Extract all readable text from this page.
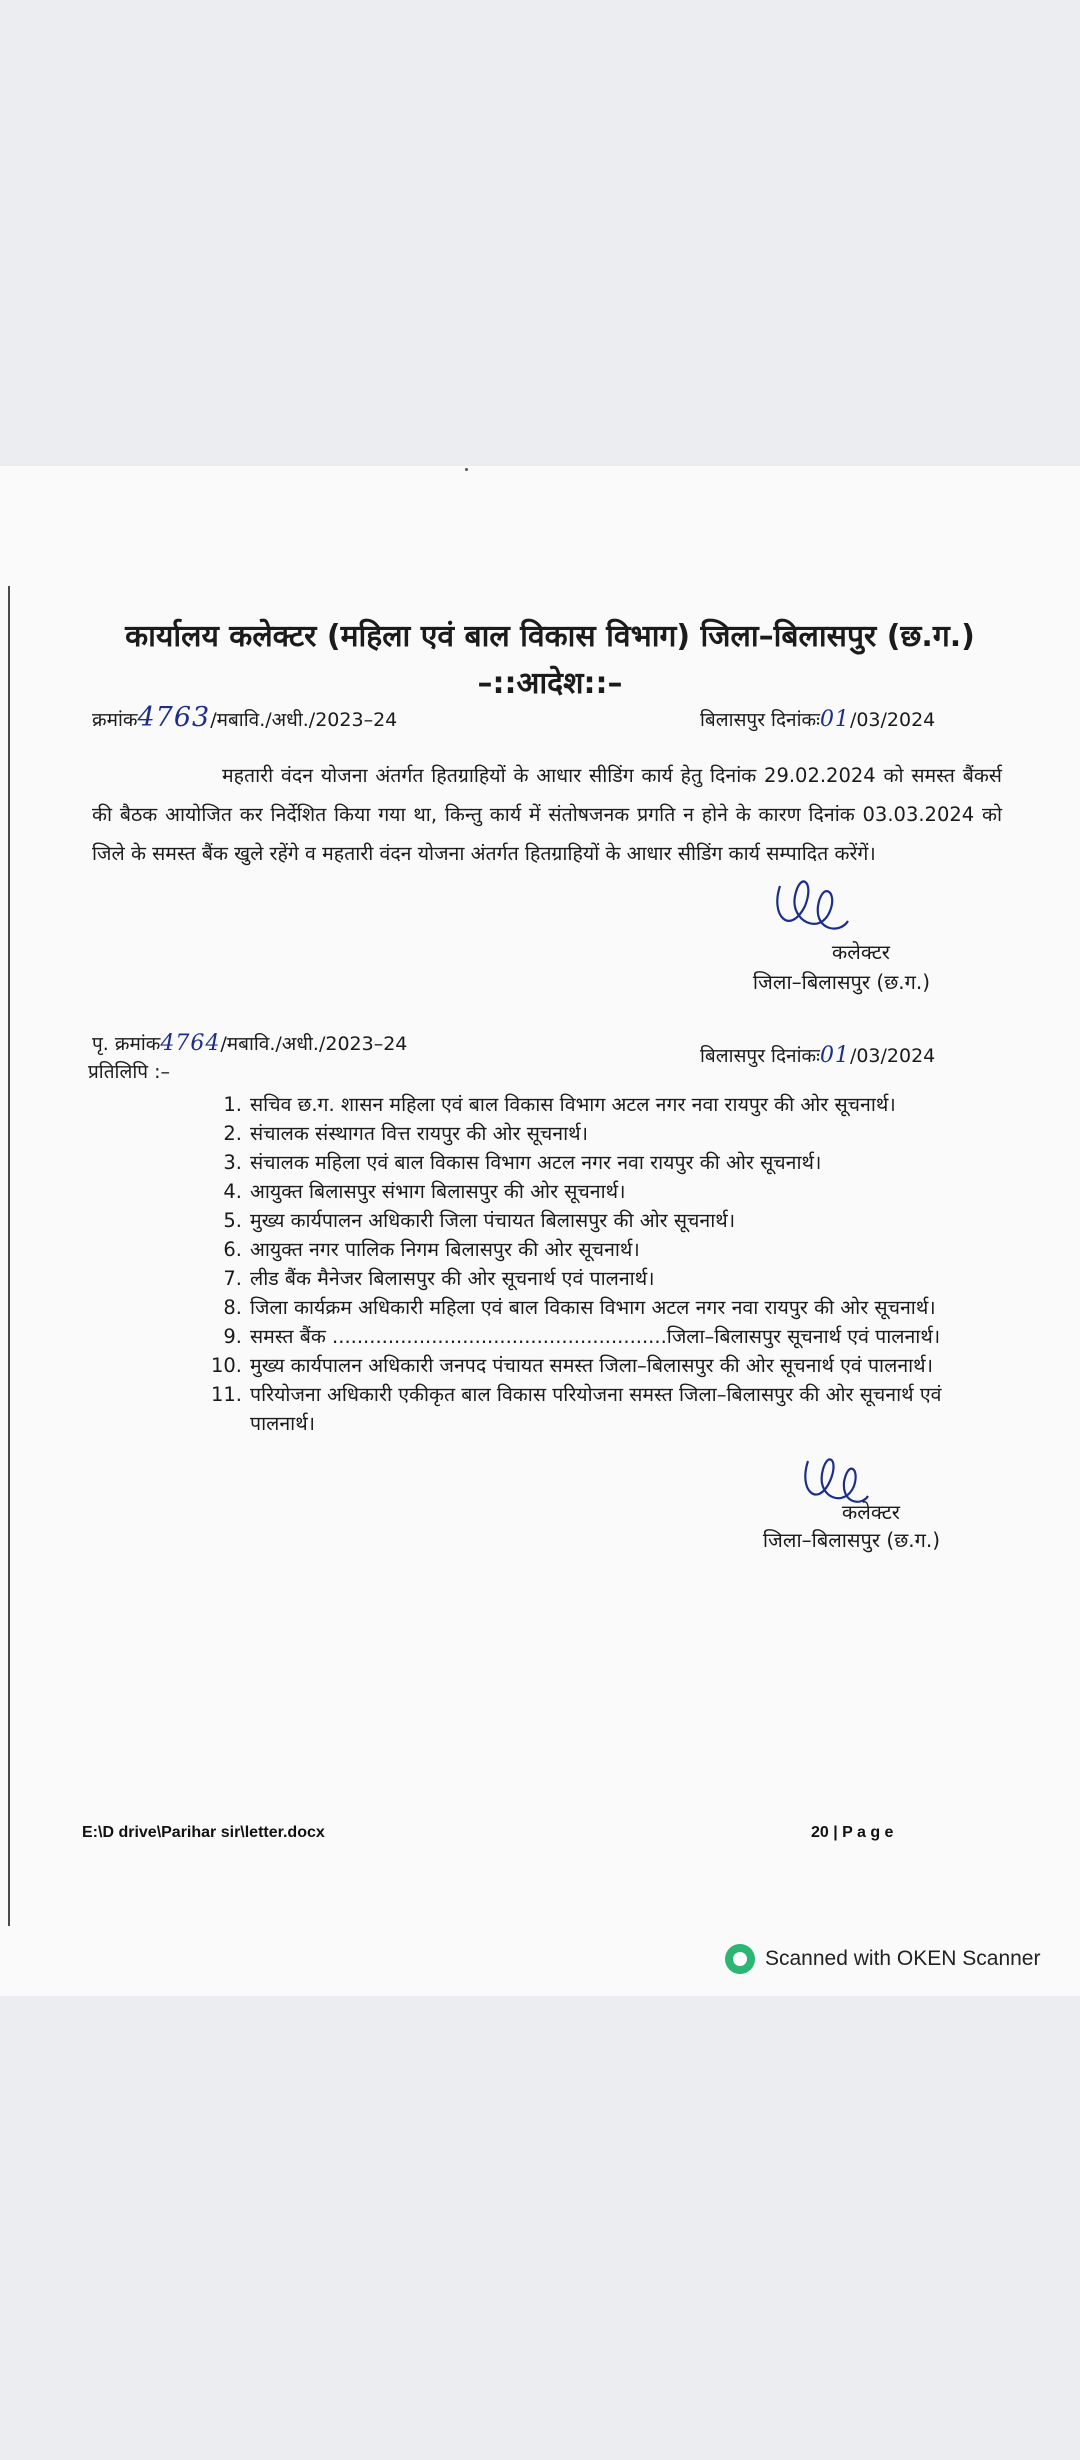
कार्यालय कलेक्टर (महिला एवं बाल विकास विभाग) जिला–बिलासपुर (छ.ग.)
–::आदेश::–
क्रमांक4763/मबावि./अधी./2023–24	बिलासपुर दिनांकः01/03/2024
महतारी वंदन योजना अंतर्गत हितग्राहियों के आधार सीडिंग कार्य हेतु दिनांक 29.02.2024 को समस्त बैंकर्स की बैठक आयोजित कर निर्देशित किया गया था, किन्तु कार्य में संतोषजनक प्रगति न होने के कारण दिनांक 03.03.2024 को जिले के समस्त बैंक खुले रहेंगे व महतारी वंदन योजना अंतर्गत हितग्राहियों के आधार सीडिंग कार्य सम्पादित करेंगें।
कलेक्टर
जिला–बिलासपुर (छ.ग.)
पृ. क्रमांक4764/मबावि./अधी./2023–24
बिलासपुर दिनांकः01/03/2024
प्रतिलिपि :–
1. सचिव छ.ग. शासन महिला एवं बाल विकास विभाग अटल नगर नवा रायपुर की ओर सूचनार्थ।
2. संचालक संस्थागत वित्त रायपुर की ओर सूचनार्थ।
3. संचालक महिला एवं बाल विकास विभाग अटल नगर नवा रायपुर की ओर सूचनार्थ।
4. आयुक्त बिलासपुर संभाग बिलासपुर की ओर सूचनार्थ।
5. मुख्य कार्यपालन अधिकारी जिला पंचायत बिलासपुर की ओर सूचनार्थ।
6. आयुक्त नगर पालिक निगम बिलासपुर की ओर सूचनार्थ।
7. लीड बैंक मैनेजर बिलासपुर की ओर सूचनार्थ एवं पालनार्थ।
8. जिला कार्यक्रम अधिकारी महिला एवं बाल विकास विभाग अटल नगर नवा रायपुर की ओर सूचनार्थ।
9. समस्त बैंक ......................................................जिला–बिलासपुर सूचनार्थ एवं पालनार्थ।
10. मुख्य कार्यपालन अधिकारी जनपद पंचायत समस्त जिला–बिलासपुर की ओर सूचनार्थ एवं पालनार्थ।
11. परियोजना अधिकारी एकीकृत बाल विकास परियोजना समस्त जिला–बिलासपुर की ओर सूचनार्थ एवं पालनार्थ।
कलेक्टर
जिला–बिलासपुर (छ.ग.)
E:\D drive\Parihar sir\letter.docx	20 | P a g e
Scanned with OKEN Scanner
